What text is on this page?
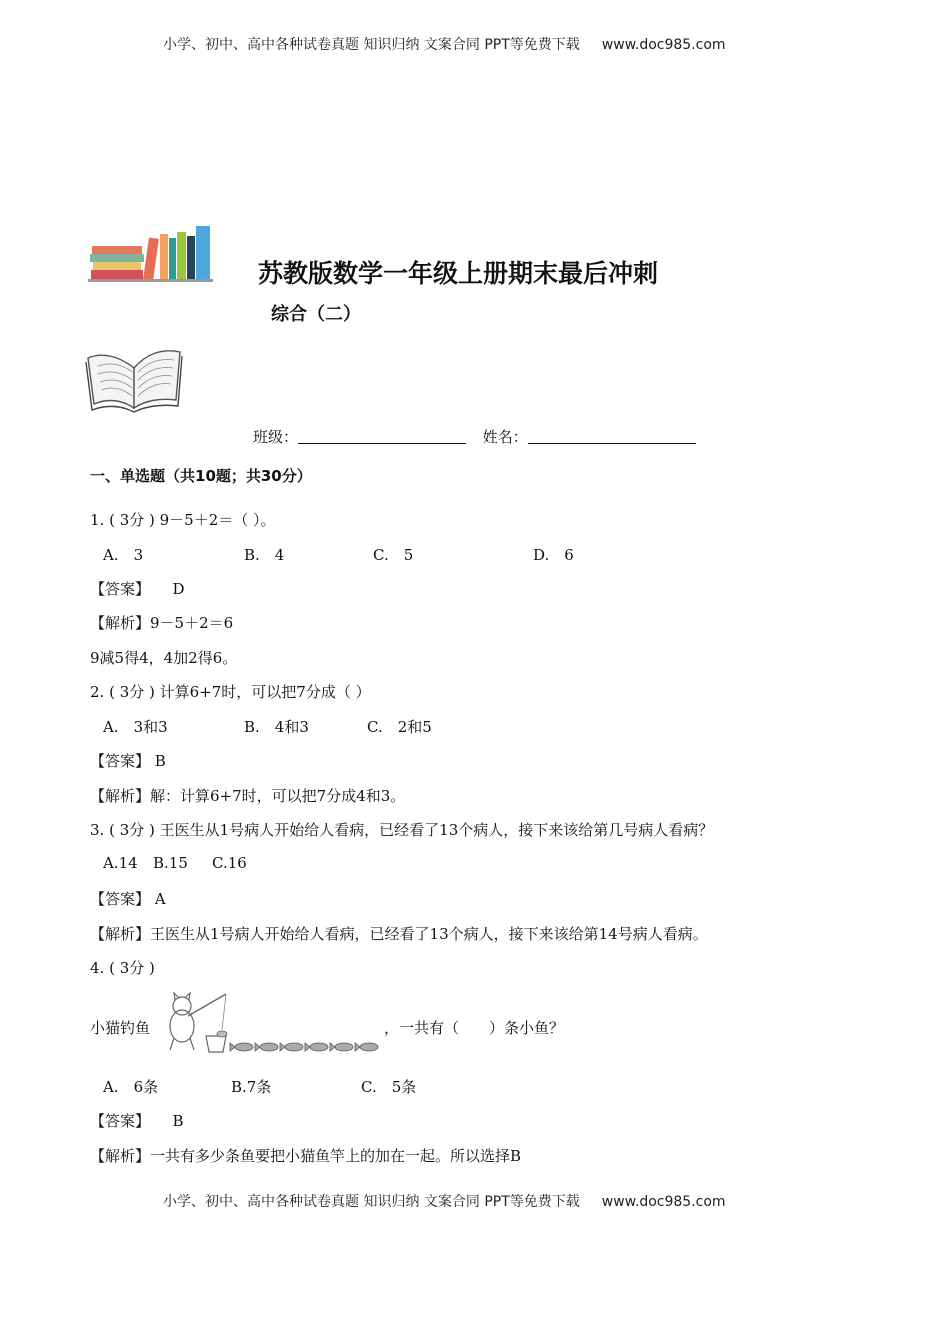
小学、初中、高中各种试卷真题 知识归纳 文案合同 PPT等免费下载 www.doc985.com
苏教版数学一年级上册期末最后冲刺
综合（二）
班级：	姓名：
一、单选题（共10题；共30分）
1. ( 3分 ) 9－5＋2＝（ ）。
A.　3	B.　4	C.　5	D.　6
【答案】　　D
【解析】9－5＋2＝6
9减5得4，4加2得6。
2. ( 3分 ) 计算6+7时，可以把7分成（ ）
A.　3和3	B.　4和3	C.　2和5
【答案】 B
【解析】解：计算6+7时，可以把7分成4和3。
3. ( 3分 ) 王医生从1号病人开始给人看病，已经看了13个病人，接下来该给第几号病人看病？
A.14 B.15 C.16
【答案】 A
【解析】王医生从1号病人开始给人看病，已经看了13个病人，接下来该给第14号病人看病。
4. ( 3分 )
小猫钓鱼	，一共有（　　）条小鱼？
A.　6条	B.7条	C.　5条
【答案】　　B
【解析】一共有多少条鱼要把小猫鱼竿上的加在一起。所以选择B
小学、初中、高中各种试卷真题 知识归纳 文案合同 PPT等免费下载 www.doc985.com
